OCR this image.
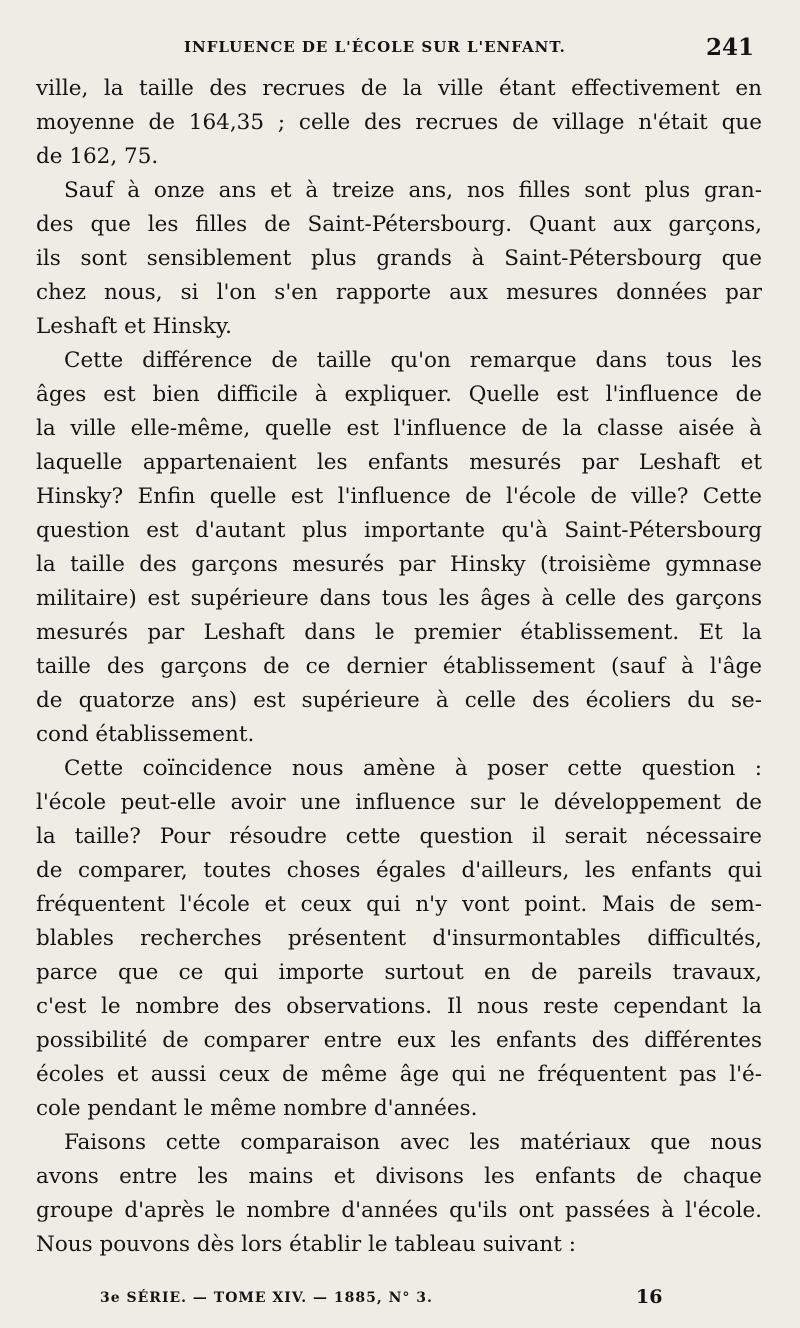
INFLUENCE DE L'ÉCOLE SUR L'ENFANT.	241
ville, la taille des recrues de la ville étant effectivement en
moyenne de 164,35 ; celle des recrues de village n'était que
de 162, 75.
Sauf à onze ans et à treize ans, nos filles sont plus gran-
des que les filles de Saint-Pétersbourg. Quant aux garçons,
ils sont sensiblement plus grands à Saint-Pétersbourg que
chez nous, si l'on s'en rapporte aux mesures données par
Leshaft et Hinsky.
Cette différence de taille qu'on remarque dans tous les
âges est bien difficile à expliquer. Quelle est l'influence de
la ville elle-même, quelle est l'influence de la classe aisée à
laquelle appartenaient les enfants mesurés par Leshaft et
Hinsky? Enfin quelle est l'influence de l'école de ville? Cette
question est d'autant plus importante qu'à Saint-Pétersbourg
la taille des garçons mesurés par Hinsky (troisième gymnase
militaire) est supérieure dans tous les âges à celle des garçons
mesurés par Leshaft dans le premier établissement. Et la
taille des garçons de ce dernier établissement (sauf à l'âge
de quatorze ans) est supérieure à celle des écoliers du se-
cond établissement.
Cette coïncidence nous amène à poser cette question :
l'école peut-elle avoir une influence sur le développement de
la taille? Pour résoudre cette question il serait nécessaire
de comparer, toutes choses égales d'ailleurs, les enfants qui
fréquentent l'école et ceux qui n'y vont point. Mais de sem-
blables recherches présentent d'insurmontables difficultés,
parce que ce qui importe surtout en de pareils travaux,
c'est le nombre des observations. Il nous reste cependant la
possibilité de comparer entre eux les enfants des différentes
écoles et aussi ceux de même âge qui ne fréquentent pas l'é-
cole pendant le même nombre d'années.
Faisons cette comparaison avec les matériaux que nous
avons entre les mains et divisons les enfants de chaque
groupe d'après le nombre d'années qu'ils ont passées à l'école.
Nous pouvons dès lors établir le tableau suivant :
3e SÉRIE. — TOME XIV. — 1885, N° 3.	16
